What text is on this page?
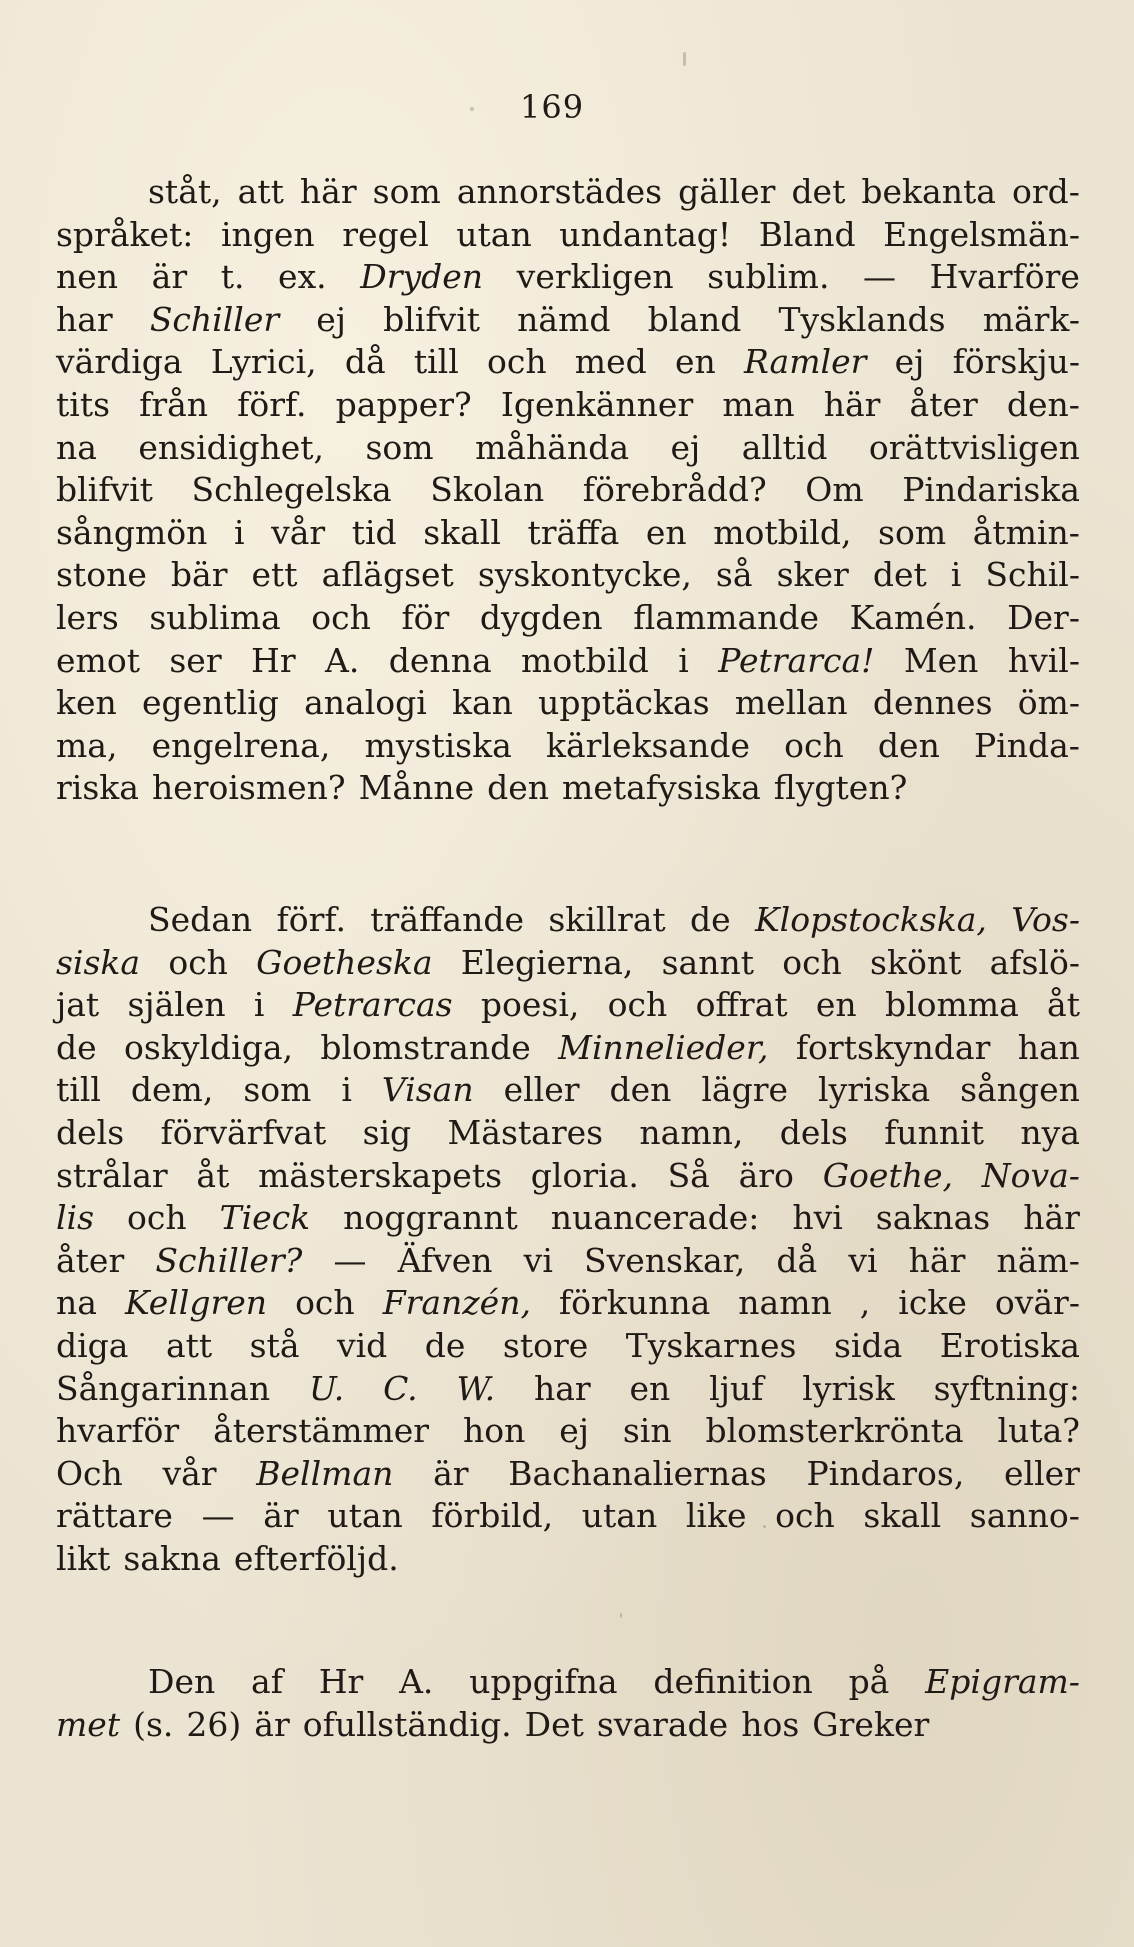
169
ståt, att här som annorstädes gäller det bekanta ord-
språket: ingen regel utan undantag! Bland Engelsmän-
nen är t. ex. Dryden verkligen sublim. — Hvarföre
har Schiller ej blifvit nämd bland Tysklands märk-
värdiga Lyrici, då till och med en Ramler ej förskju-
tits från förf. papper? Igenkänner man här åter den-
na ensidighet, som måhända ej alltid orättvisligen
blifvit Schlegelska Skolan förebrådd? Om Pindariska
sångmön i vår tid skall träffa en motbild, som åtmin-
stone bär ett aflägset syskontycke, så sker det i Schil-
lers sublima och för dygden flammande Kamén. Der-
emot ser Hr A. denna motbild i Petrarca! Men hvil-
ken egentlig analogi kan upptäckas mellan dennes öm-
ma, engelrena, mystiska kärleksande och den Pinda-
riska heroismen? Månne den metafysiska flygten?
Sedan förf. träffande skillrat de Klopstockska, Vos-
siska och Goetheska Elegierna, sannt och skönt afslö-
jat själen i Petrarcas poesi, och offrat en blomma åt
de oskyldiga, blomstrande Minnelieder, fortskyndar han
till dem, som i Visan eller den lägre lyriska sången
dels förvärfvat sig Mästares namn, dels funnit nya
strålar åt mästerskapets gloria. Så äro Goethe, Nova-
lis och Tieck noggrannt nuancerade: hvi saknas här
åter Schiller? — Äfven vi Svenskar, då vi här näm-
na Kellgren och Franzén, förkunna namn , icke ovär-
diga att stå vid de store Tyskarnes sida Erotiska
Sångarinnan U. C. W. har en ljuf lyrisk syftning:
hvarför återstämmer hon ej sin blomsterkrönta luta?
Och vår Bellman är Bachanaliernas Pindaros, eller
rättare — är utan förbild, utan like och skall sanno-
likt sakna efterföljd.
Den af Hr A. uppgifna definition på Epigram-
met (s. 26) är ofullständig. Det svarade hos Greker
